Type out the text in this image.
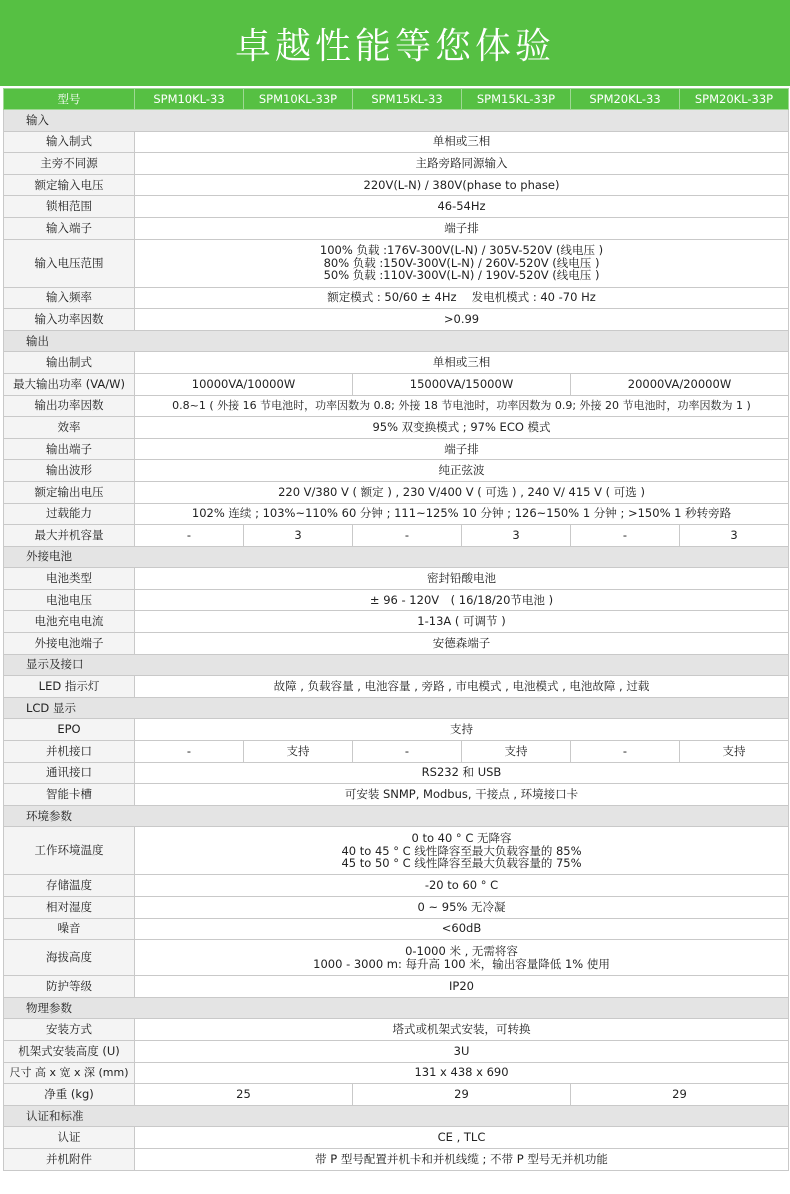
卓越性能等您体验
型号	SPM10KL-33	SPM10KL-33P	SPM15KL-33	SPM15KL-33P	SPM20KL-33	SPM20KL-33P
输入						
输入制式	单相或三相					
主旁不同源	主路旁路同源输入					
额定输入电压	220V(L-N) / 380V(phase to phase)					
锁相范围	46-54Hz					
输入端子	端子排					
输入电压范围	100% 负载 :176V-300V(L-N) / 305V-520V (线电压 )
80% 负载 :150V-300V(L-N) / 260V-520V (线电压 )
50% 负载 :110V-300V(L-N) / 190V-520V (线电压 )					

输入频率	额定模式 : 50/60 ± 4Hz　 发电机模式 : 40 -70 Hz					
输入功率因数	>0.99					
输出						
输出制式	单相或三相					
最大输出功率 (VA/W)	10000VA/10000W		15000VA/15000W		20000VA/20000W	
输出功率因数	0.8~1 ( 外接 16 节电池时，功率因数为 0.8; 外接 18 节电池时，功率因数为 0.9; 外接 20 节电池时，功率因数为 1 )					
效率	95% 双变换模式 ; 97% ECO 模式					
输出端子	端子排					
输出波形	纯正弦波					
额定输出电压	220 V/380 V ( 额定 ) , 230 V/400 V ( 可选 ) , 240 V/ 415 V ( 可选 )					
过载能力	102% 连续 ; 103%~110% 60 分钟 ; 111~125% 10 分钟 ; 126~150% 1 分钟 ; >150% 1 秒转旁路					
最大并机容量	-	3	-	3	-	3
外接电池						
电池类型	密封铅酸电池					
电池电压	± 96 - 120V　( 16/18/20节电池 )					
电池充电电流	1-13A ( 可调节 )					
外接电池端子	安德森端子					
显示及接口						
LED 指示灯	故障 , 负载容量 , 电池容量 , 旁路 , 市电模式 , 电池模式 , 电池故障 , 过载					
LCD 显示						
EPO	支持					
并机接口	-	支持	-	支持	-	支持
通讯接口	RS232 和 USB					
智能卡槽	可安装 SNMP, Modbus, 干接点 , 环境接口卡					
环境参数						
工作环境温度	0 to 40 ° C 无降容
40 to 45 ° C 线性降容至最大负载容量的 85%
45 to 50 ° C 线性降容至最大负载容量的 75%					

存储温度	-20 to 60 ° C					
相对湿度	0 ~ 95% 无冷凝					
噪音	<60dB					
海拔高度	0-1000 米 , 无需将容
1000 - 3000 m: 每升高 100 米，输出容量降低 1% 使用					

防护等级	IP20					
物理参数						
安装方式	塔式或机架式安装，可转换					
机架式安装高度 (U)	3U					
尺寸 高 x 宽 x 深 (mm)	131 x 438 x 690					
净重 (kg)	25		29		29	
认证和标准						
认证	CE , TLC					
并机附件	带 P 型号配置并机卡和并机线缆 ; 不带 P 型号无并机功能					
